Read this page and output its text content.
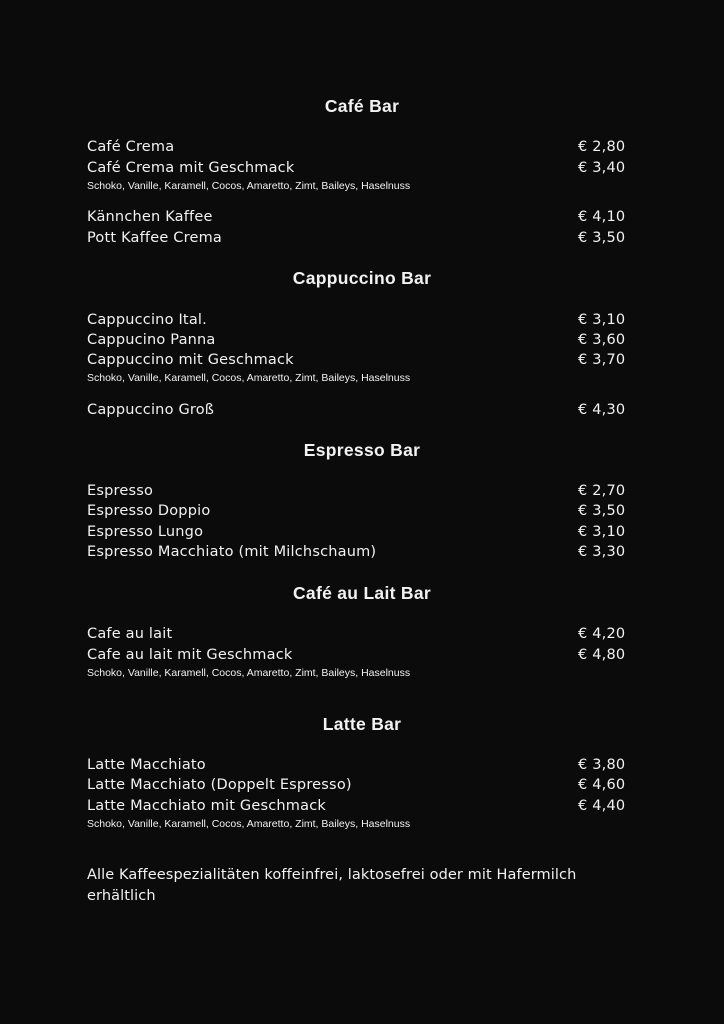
Café Bar
Café Crema	€ 2,80
Café Crema mit Geschmack	€ 3,40
Schoko, Vanille, Karamell, Cocos, Amaretto, Zimt, Baileys, Haselnuss
Kännchen Kaffee	€ 4,10
Pott Kaffee Crema	€ 3,50
Cappuccino Bar
Cappuccino Ital.	€ 3,10
Cappucino Panna	€ 3,60
Cappuccino mit Geschmack	€ 3,70
Schoko, Vanille, Karamell, Cocos, Amaretto, Zimt, Baileys, Haselnuss
Cappuccino Groß	€ 4,30
Espresso Bar
Espresso	€ 2,70
Espresso Doppio	€ 3,50
Espresso Lungo	€ 3,10
Espresso Macchiato (mit Milchschaum)	€ 3,30
Café au Lait Bar
Cafe au lait	€ 4,20
Cafe au lait mit Geschmack	€ 4,80
Schoko, Vanille, Karamell, Cocos, Amaretto, Zimt, Baileys, Haselnuss
Latte Bar
Latte Macchiato	€ 3,80
Latte Macchiato (Doppelt Espresso)	€ 4,60
Latte Macchiato mit Geschmack	€ 4,40
Schoko, Vanille, Karamell, Cocos, Amaretto, Zimt, Baileys, Haselnuss
Alle Kaffeespezialitäten koffeinfrei, laktosefrei oder mit Hafermilch erhältlich
